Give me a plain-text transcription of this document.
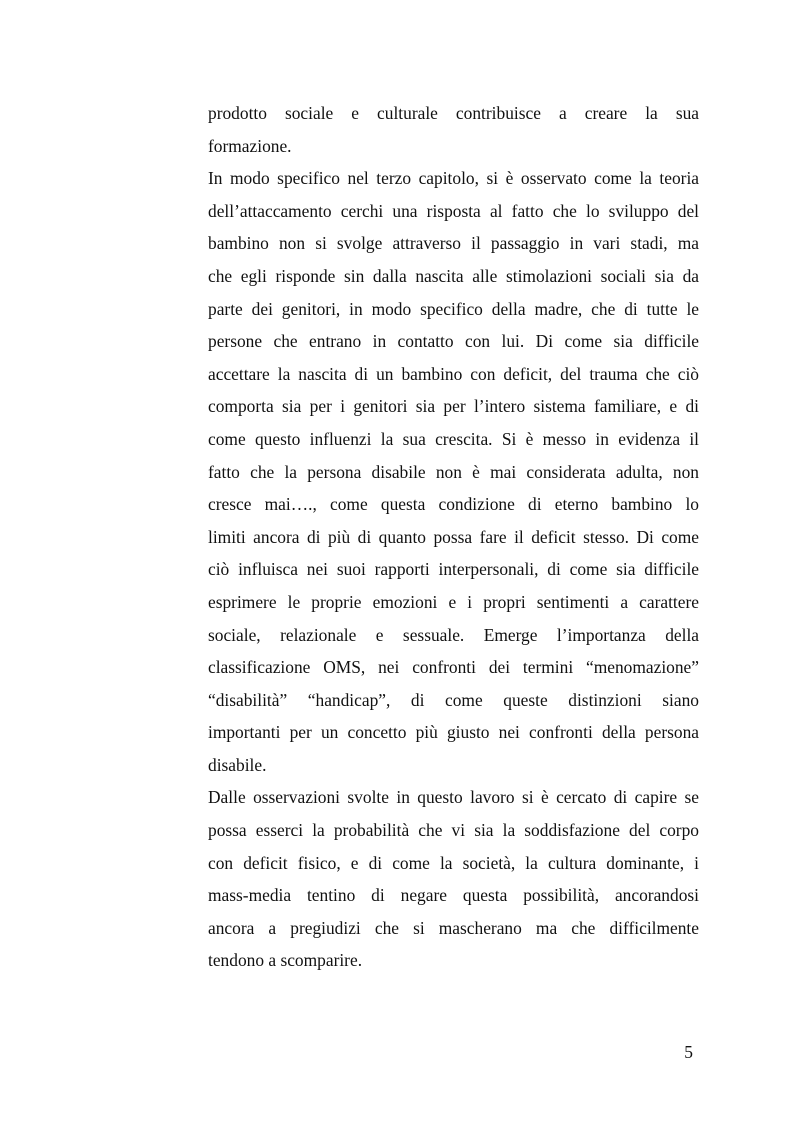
prodotto sociale e culturale contribuisce a creare la sua
formazione.
In modo specifico nel terzo capitolo, si è osservato come la teoria
dell’attaccamento cerchi una risposta al fatto che lo sviluppo del
bambino non si svolge attraverso il passaggio in vari stadi, ma
che egli risponde sin dalla nascita alle stimolazioni sociali sia da
parte dei genitori, in modo specifico della madre, che di tutte le
persone che entrano in contatto con lui. Di come sia difficile
accettare la nascita di un bambino con deficit, del trauma che ciò
comporta sia per i genitori sia per l’intero sistema familiare, e di
come questo influenzi la sua crescita. Si è messo in evidenza il
fatto che la persona disabile non è mai considerata adulta, non
cresce mai…., come questa condizione di eterno bambino lo
limiti ancora di più di quanto possa fare il deficit stesso. Di come
ciò influisca nei suoi rapporti interpersonali, di come sia difficile
esprimere le proprie emozioni e i propri sentimenti a carattere
sociale, relazionale e sessuale. Emerge l’importanza della
classificazione OMS, nei confronti dei termini “menomazione”
“disabilità” “handicap”, di come queste distinzioni siano
importanti per un concetto più giusto nei confronti della persona
disabile.
Dalle osservazioni svolte in questo lavoro si è cercato di capire se
possa esserci la probabilità che vi sia la soddisfazione del corpo
con deficit fisico, e di come la società, la cultura dominante, i
mass-media tentino di negare questa possibilità, ancorandosi
ancora a pregiudizi che si mascherano ma che difficilmente
tendono a scomparire.
5
